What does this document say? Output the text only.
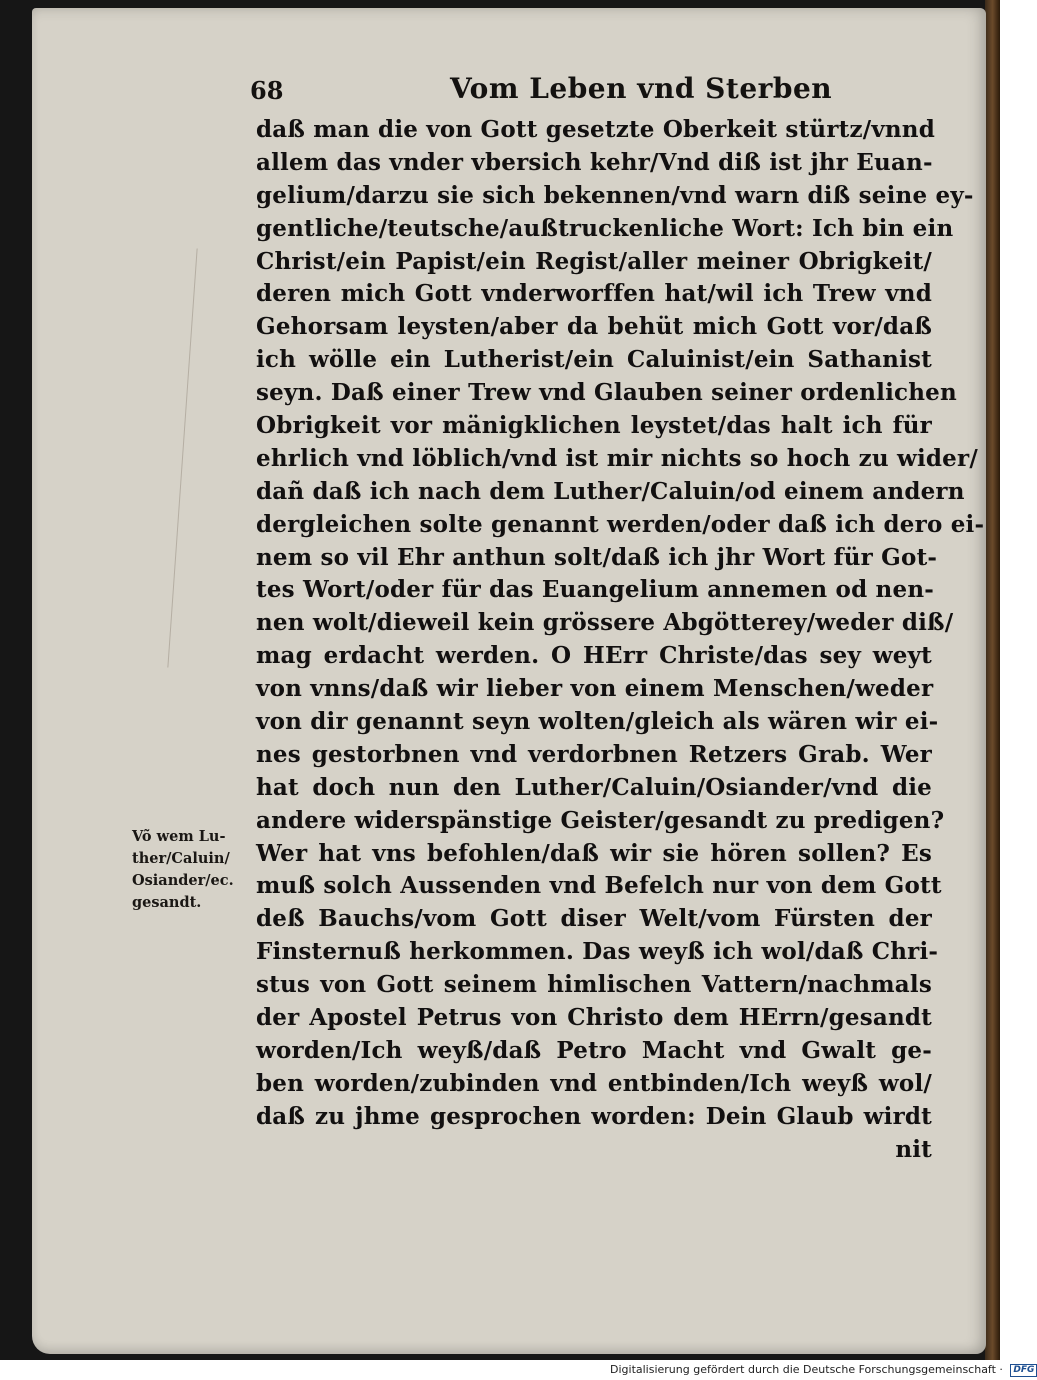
68	Vom Leben vnd Sterben
daß man die von Gott gesetzte Oberkeit stürtz/vnnd
allem das vnder vbersich kehr/Vnd diß ist jhr Euan-
gelium/darzu sie sich bekennen/vnd warn diß seine ey-
gentliche/teutsche/außtruckenliche Wort: Ich bin ein
Christ/ein Papist/ein Regist/aller meiner Obrigkeit/
deren mich Gott vnderworffen hat/wil ich Trew vnd
Gehorsam leysten/aber da behüt mich Gott vor/daß
ich wölle ein Lutherist/ein Caluinist/ein Sathanist
seyn. Daß einer Trew vnd Glauben seiner ordenlichen
Obrigkeit vor mänigklichen leystet/das halt ich für
ehrlich vnd löblich/vnd ist mir nichts so hoch zu wider/
dañ daß ich nach dem Luther/Caluin/od einem andern
dergleichen solte genannt werden/oder daß ich dero ei-
nem so vil Ehr anthun solt/daß ich jhr Wort für Got-
tes Wort/oder für das Euangelium annemen od nen-
nen wolt/dieweil kein grössere Abgötterey/weder diß/
mag erdacht werden. O HErr Christe/das sey weyt
von vnns/daß wir lieber von einem Menschen/weder
von dir genannt seyn wolten/gleich als wären wir ei-
nes gestorbnen vnd verdorbnen Retzers Grab. Wer
hat doch nun den Luther/Caluin/Osiander/vnd die
andere widerspänstige Geister/gesandt zu predigen?
Wer hat vns befohlen/daß wir sie hören sollen? Es
muß solch Aussenden vnd Befelch nur von dem Gott
deß Bauchs/vom Gott diser Welt/vom Fürsten der
Finsternuß herkommen. Das weyß ich wol/daß Chri-
stus von Gott seinem himlischen Vattern/nachmals
der Apostel Petrus von Christo dem HErrn/gesandt
worden/Ich weyß/daß Petro Macht vnd Gwalt ge-
ben worden/zubinden vnd entbinden/Ich weyß wol/
daß zu jhme gesprochen worden: Dein Glaub wirdt
nit
Võ wem Lu-
ther/Caluin/
Osiander/ec.
gesandt.
Digitalisierung gefördert durch die Deutsche Forschungsgemeinschaft · DFG
